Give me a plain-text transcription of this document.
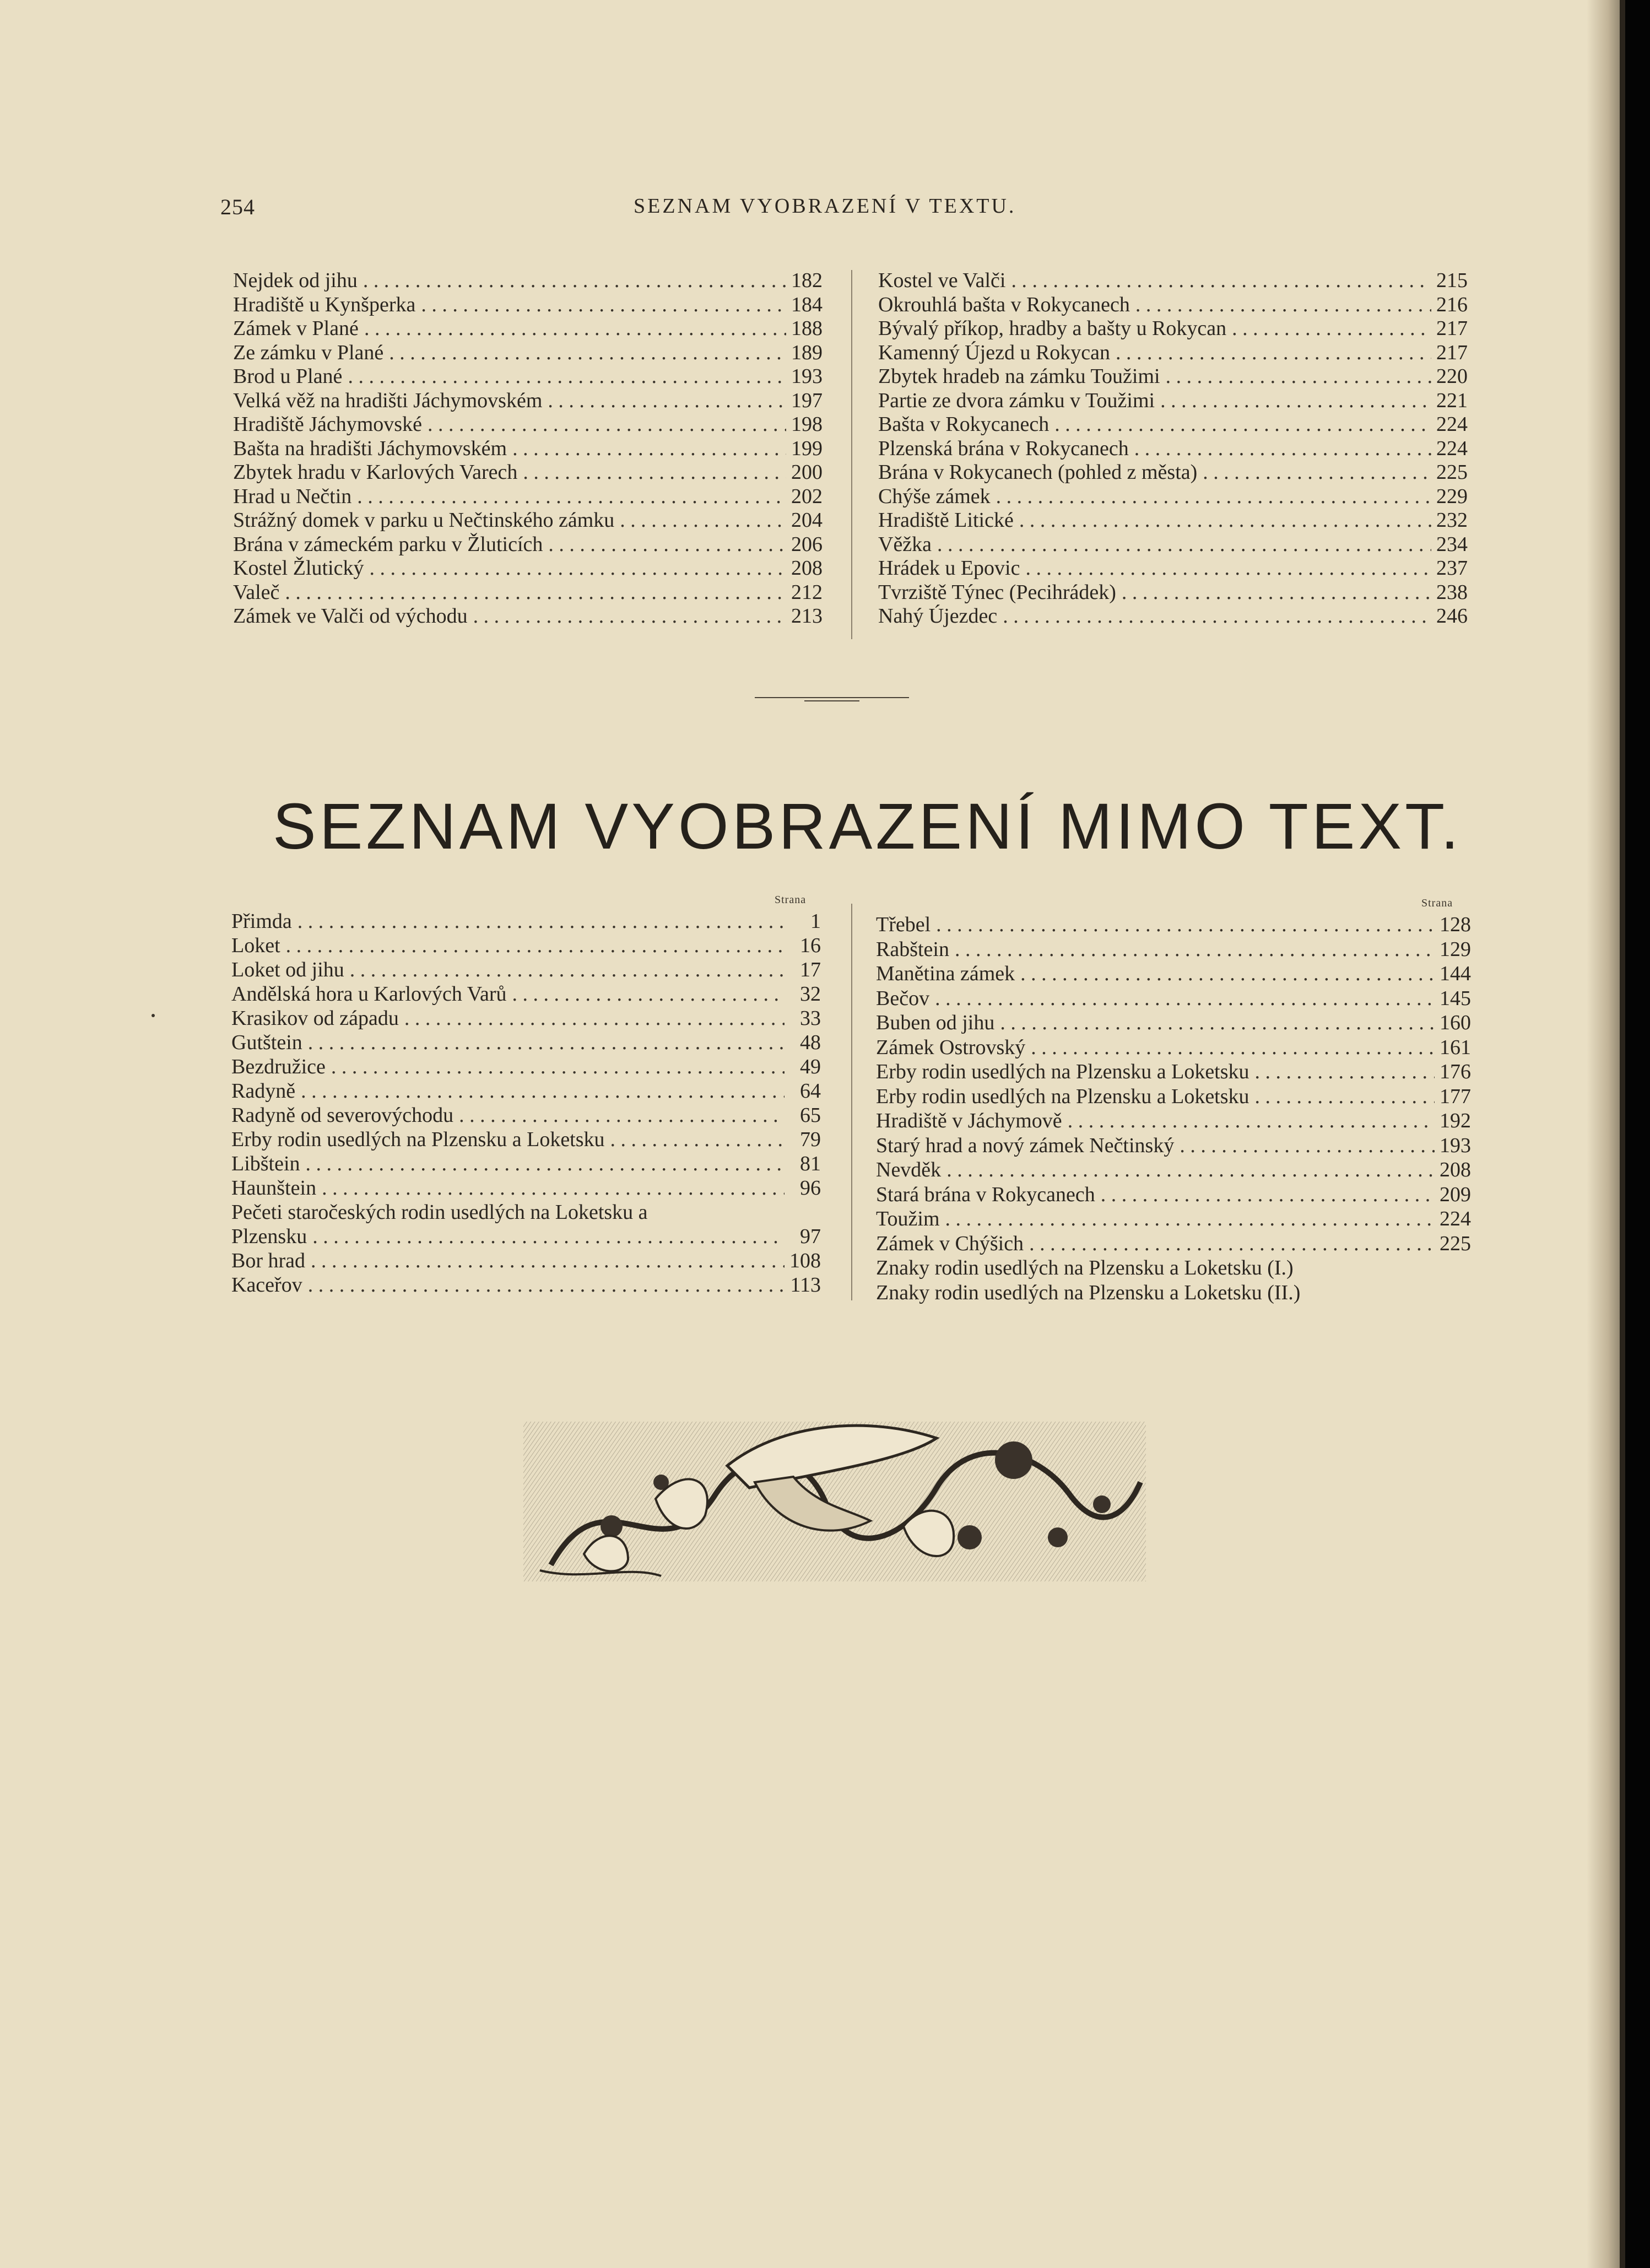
254	SEZNAM VYOBRAZENÍ V TEXTU.
Nejdek od jihu . . .	182
Hradiště u Kynšperka . . .	184
Zámek v Plané . . .	188
Ze zámku v Plané . . .	189
Brod u Plané . . .	193
Velká věž na hradišti Jáchymovském . . .	197
Hradiště Jáchymovské . . .	198
Bašta na hradišti Jáchymovském . . .	199
Zbytek hradu v Karlových Varech . . .	200
Hrad u Nečtin . . .	202
Strážný domek v parku u Nečtinského zámku . . .	204
Brána v zámeckém parku v Žluticích . . .	206
Kostel Žlutický . . .	208
Valeč . . .	212
Zámek ve Valči od východu . . .	213
Kostel ve Valči . . .	215
Okrouhlá bašta v Rokycanech . . .	216
Bývalý příkop, hradby a bašty u Rokycan . . .	217
Kamenný Újezd u Rokycan . . .	217
Zbytek hradeb na zámku Toužimi . . .	220
Partie ze dvora zámku v Toužimi . . .	221
Bašta v Rokycanech . . .	224
Plzenská brána v Rokycanech . . .	224
Brána v Rokycanech (pohled z města) . . .	225
Chýše zámek . . .	229
Hradiště Litické . . .	232
Věžka . . .	234
Hrádek u Epovic . . .	237
Tvrziště Týnec (Pecihrádek) . . .	238
Nahý Újezdec . . .	246
SEZNAM VYOBRAZENÍ MIMO TEXT.
Strana	Strana
Přimda . . .	1
Loket . . .	16
Loket od jihu . . .	17
Andělská hora u Karlových Varů . . .	32
Krasikov od západu . . .	33
Gutštein . . .	48
Bezdružice . . .	49
Radyně . . .	64
Radyně od severovýchodu . . .	65
Erby rodin usedlých na Plzensku a Loketsku . . .	79
Libštein . . .	81
Haunštein . . .	96
Pečeti staročeských rodin usedlých na Loketsku a
Plzensku . . .	97
Bor hrad . . .	108
Kaceřov . . .	113
Třebel . . .	128
Rabštein . . .	129
Manětina zámek . . .	144
Bečov . . .	145
Buben od jihu . . .	160
Zámek Ostrovský . . .	161
Erby rodin usedlých na Plzensku a Loketsku . . .	176
Erby rodin usedlých na Plzensku a Loketsku . . .	177
Hradiště v Jáchymově . . .	192
Starý hrad a nový zámek Nečtinský . . .	193
Nevděk . . .	208
Stará brána v Rokycanech . . .	209
Toužim . . .	224
Zámek v Chýšich . . .	225
Znaky rodin usedlých na Plzensku a Loketsku (I.)
Znaky rodin usedlých na Plzensku a Loketsku (II.)
